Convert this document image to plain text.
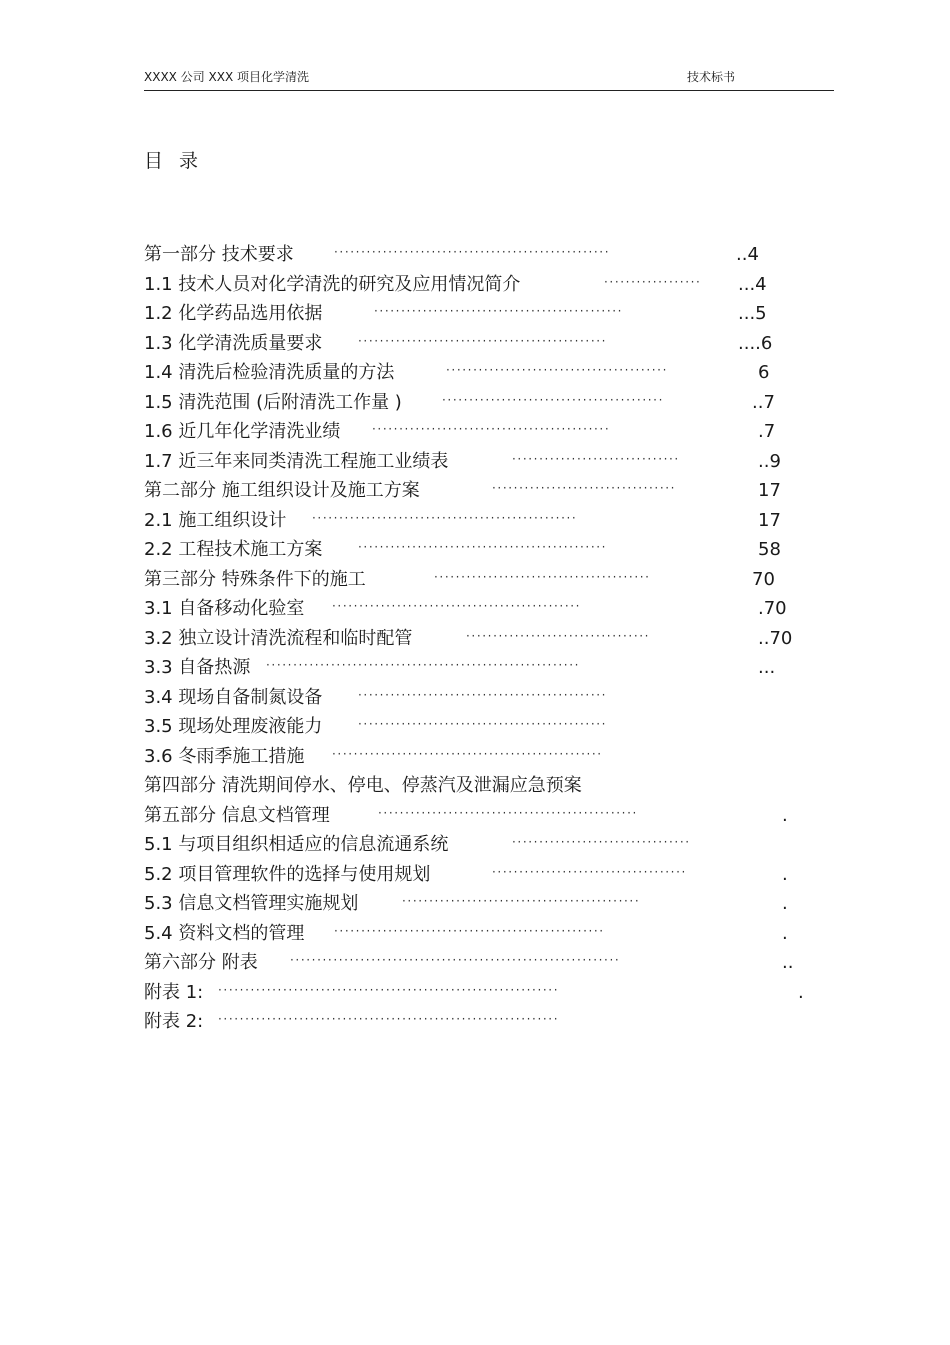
XXXX 公司 XXX 项目化学清洗	技术标书
目录
第一部分 技术要求	···················································	..4
1.1 技术人员对化学清洗的研究及应用情况简介	··················	...4
1.2 化学药品选用依据	··············································	...5
1.3 化学清洗质量要求	··············································	....6
1.4 清洗后检验清洗质量的方法	·········································	6
1.5 清洗范围 (后附清洗工作量 )	·········································	..7
1.6 近几年化学清洗业绩	············································	.7
1.7 近三年来同类清洗工程施工业绩表	·······························	..9
第二部分 施工组织设计及施工方案	··································	17
2.1 施工组织设计 ·················································	17
2.2 工程技术施工方案	··············································	58
第三部分 特殊条件下的施工	········································	70
3.1 自备移动化验室 ··············································	.70
3.2 独立设计清洗流程和临时配管	··································	..70
3.3 自备热源 ··························································	...
3.4 现场自备制氮设备	··············································
3.5 现场处理废液能力	··············································
3.6 冬雨季施工措施 ··················································
第四部分 清洗期间停水、停电、停蒸汽及泄漏应急预案
第五部分 信息文档管理	················································	.
5.1 与项目组织相适应的信息流通系统	·································
5.2 项目管理软件的选择与使用规划	····································	.
5.3 信息文档管理实施规划	············································	.
5.4 资料文档的管理 ··················································	.
第六部分 附表	·····························································	..
附表 1: ·······························································	.
附表 2: ·······························································
